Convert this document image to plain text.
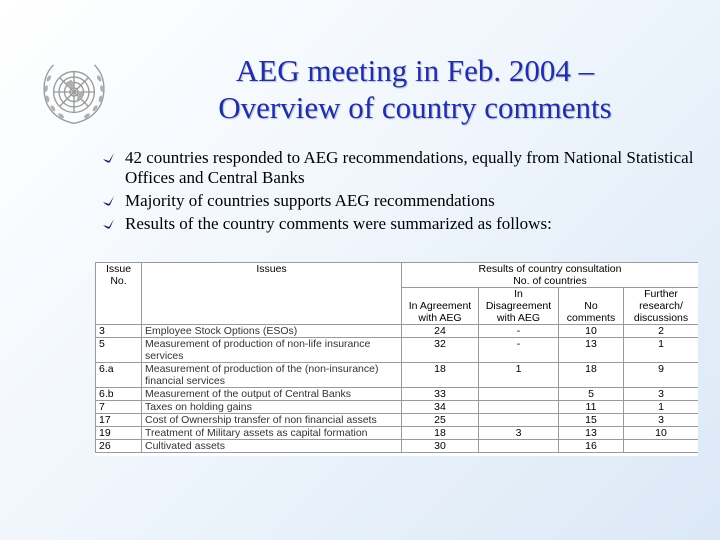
AEG meeting in Feb. 2004 –
Overview of country comments
42 countries responded to AEG recommendations, equally from National Statistical Offices and Central Banks
Majority of countries supports AEG recommendations
Results of the country comments were summarized as follows:
Issue No.	Issues	Results of country consultation
No. of countries			

		In Agreement with AEG	In Disagreement with AEG	No comments	Further research/ discussions
3	Employee Stock Options (ESOs)	24	-	10	2
5	Measurement of production of non-life insurance services	32	-	13	1
6.a	Measurement of production of the (non-insurance) financial services	18	1	18	9
6.b	Measurement of the output of Central Banks	33		5	3
7	Taxes on holding gains	34		11	1
17	Cost of Ownership transfer of non financial assets	25		15	3
19	Treatment of Military assets as capital formation	18	3	13	10
26	Cultivated assets	30		16	
